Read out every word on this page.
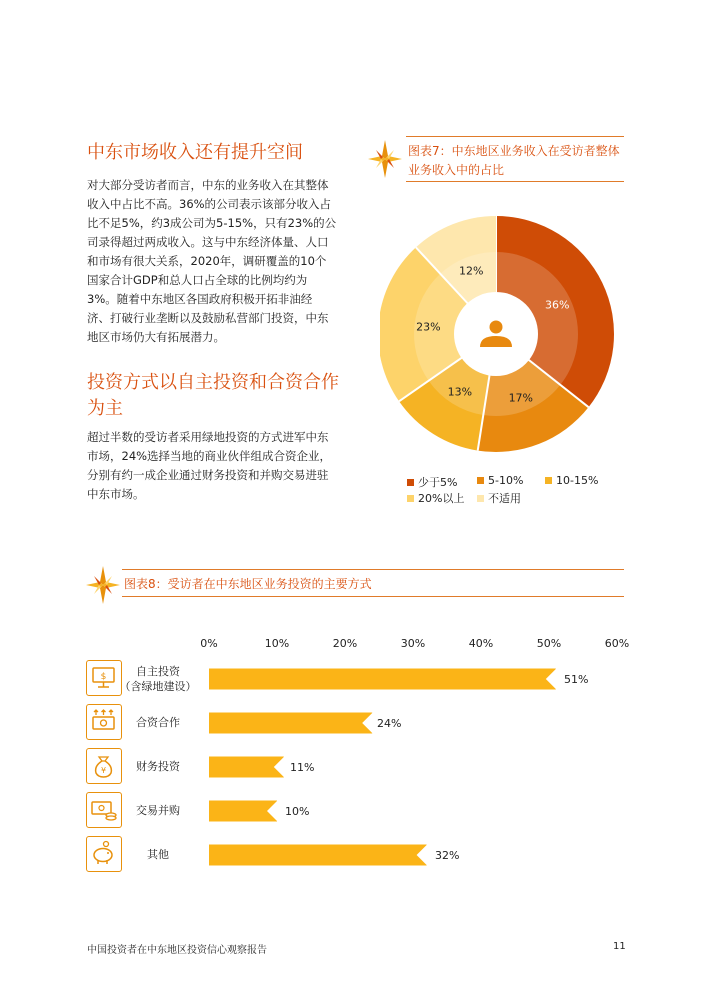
中东市场收入还有提升空间
对大部分受访者而言，中东的业务收入在其整体
收入中占比不高。36%的公司表示该部分收入占
比不足5%，约3成公司为5-15%，只有23%的公
司录得超过两成收入。这与中东经济体量、人口
和市场有很大关系，2020年，调研覆盖的10个
国家合计GDP和总人口占全球的比例均约为
3%。随着中东地区各国政府积极开拓非油经
济、打破行业垄断以及鼓励私营部门投资，中东
地区市场仍大有拓展潜力。
投资方式以自主投资和合资合作
为主
超过半数的受访者采用绿地投资的方式进军中东
市场，24%选择当地的商业伙伴组成合资企业，
分别有约一成企业通过财务投资和并购交易进驻
中东市场。
图表7：中东地区业务收入在受访者整体
业务收入中的占比
36%
17%
13%
23%
12%
少于5%	5-10%	10-15%
20%以上 不适用
图表8：受访者在中东地区业务投资的主要方式
0%	10%	20%	30%	40%	50%	60%
$
¥
自主投资
（含绿地建设）
合资合作
财务投资
交易并购
其他
51%
24%
11%
10%
32%
中国投资者在中东地区投资信心观察报告	11
